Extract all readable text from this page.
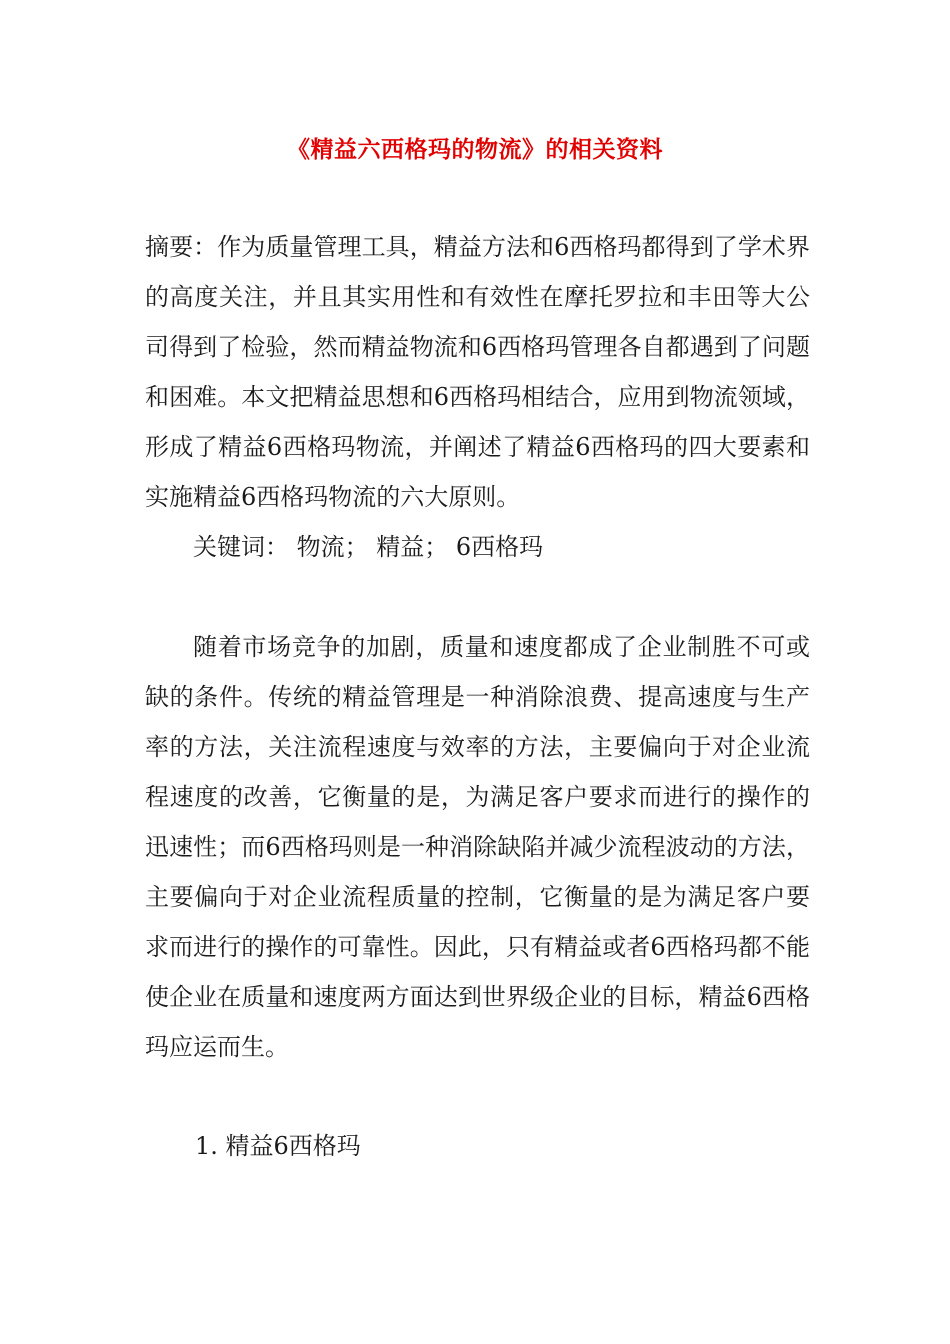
《精益六西格玛的物流》的相关资料

摘要：作为质量管理工具，精益方法和6西格玛都得到了学术界的高度关注，并且其实用性和有效性在摩托罗拉和丰田等大公司得到了检验，然而精益物流和6西格玛管理各自都遇到了问题和困难。本文把精益思想和6西格玛相结合，应用到物流领域，形成了精益6西格玛物流，并阐述了精益6西格玛的四大要素和实施精益6西格玛物流的六大原则。

关键词： 物流； 精益； 6西格玛

随着市场竞争的加剧，质量和速度都成了企业制胜不可或缺的条件。传统的精益管理是一种消除浪费、提高速度与生产率的方法，关注流程速度与效率的方法，主要偏向于对企业流程速度的改善，它衡量的是，为满足客户要求而进行的操作的迅速性；而6西格玛则是一种消除缺陷并减少流程波动的方法，主要偏向于对企业流程质量的控制，它衡量的是为满足客户要求而进行的操作的可靠性。因此，只有精益或者6西格玛都不能使企业在质量和速度两方面达到世界级企业的目标，精益6西格玛应运而生。

1. 精益6西格玛
